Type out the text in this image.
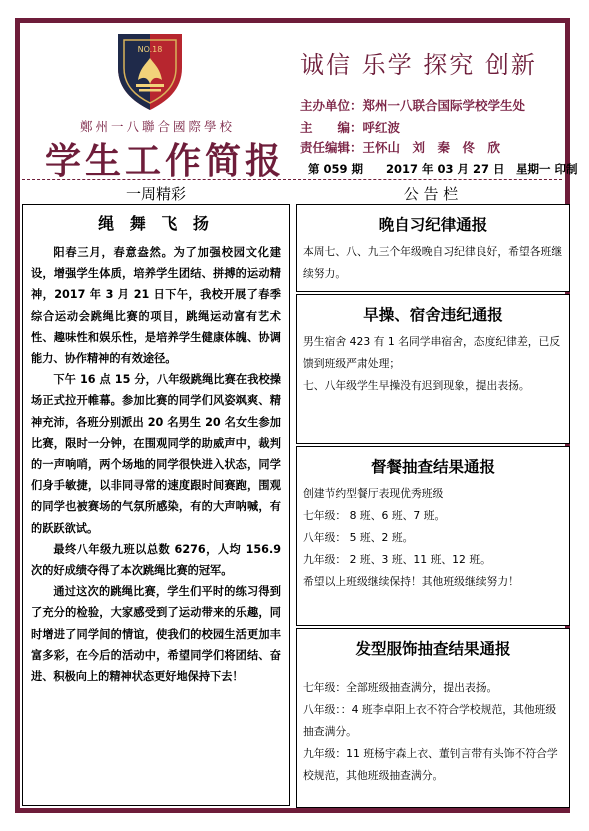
NO.18
鄭州一八聯合國際學校
学生工作简报
诚信 乐学 探究 创新
主办单位：郑州一八联合国际学校学生处
主　　编：呼红波
责任编辑：王怀山　刘　秦　佟　欣
第 059 期　　2017 年 03 月 27 日　星期一 印制
一周精彩	公 告 栏
绳 舞 飞 扬

阳春三月，春意盎然。为了加强校园文化建设，增强学生体质，培养学生团结、拼搏的运动精神，2017 年 3 月 21 日下午，我校开展了春季综合运动会跳绳比赛的项目，跳绳运动富有艺术性、趣味性和娱乐性，是培养学生健康体魄、协调能力、协作精神的有效途径。

下午 16 点 15 分，八年级跳绳比赛在我校操场正式拉开帷幕。参加比赛的同学们风姿飒爽、精神充沛，各班分别派出 20 名男生 20 名女生参加比赛，限时一分钟，在围观同学的助威声中，裁判的一声响哨，两个场地的同学很快进入状态，同学们身手敏捷，以非同寻常的速度跟时间赛跑，围观的同学也被赛场的气氛所感染，有的大声呐喊，有的跃跃欲试。

最终八年级九班以总数 6276，人均 156.9 次的好成绩夺得了本次跳绳比赛的冠军。

通过这次的跳绳比赛，学生们平时的练习得到了充分的检验，大家感受到了运动带来的乐趣，同时增进了同学间的情谊，使我们的校园生活更加丰富多彩，在今后的活动中，希望同学们将团结、奋进、积极向上的精神状态更好地保持下去！

晚自习纪律通报

本周七、八、九三个年级晚自习纪律良好，希望各班继续努力。

早操、宿舍违纪通报

男生宿舍 423 有 1 名同学串宿舍，态度纪律差，已反馈到班级严肃处理；

七、八年级学生早操没有迟到现象，提出表扬。

督餐抽查结果通报

创建节约型餐厅表现优秀班级

七年级： 8 班、6 班、7 班。

八年级： 5 班、2 班。

九年级： 2 班、3 班、11 班、12 班。

希望以上班级继续保持！其他班级继续努力！

发型服饰抽查结果通报

七年级：全部班级抽查满分，提出表扬。

八年级：：4 班李卓阳上衣不符合学校规范，其他班级抽查满分。

九年级：11 班杨宇森上衣、董钊言带有头饰不符合学校规范，其他班级抽查满分。
